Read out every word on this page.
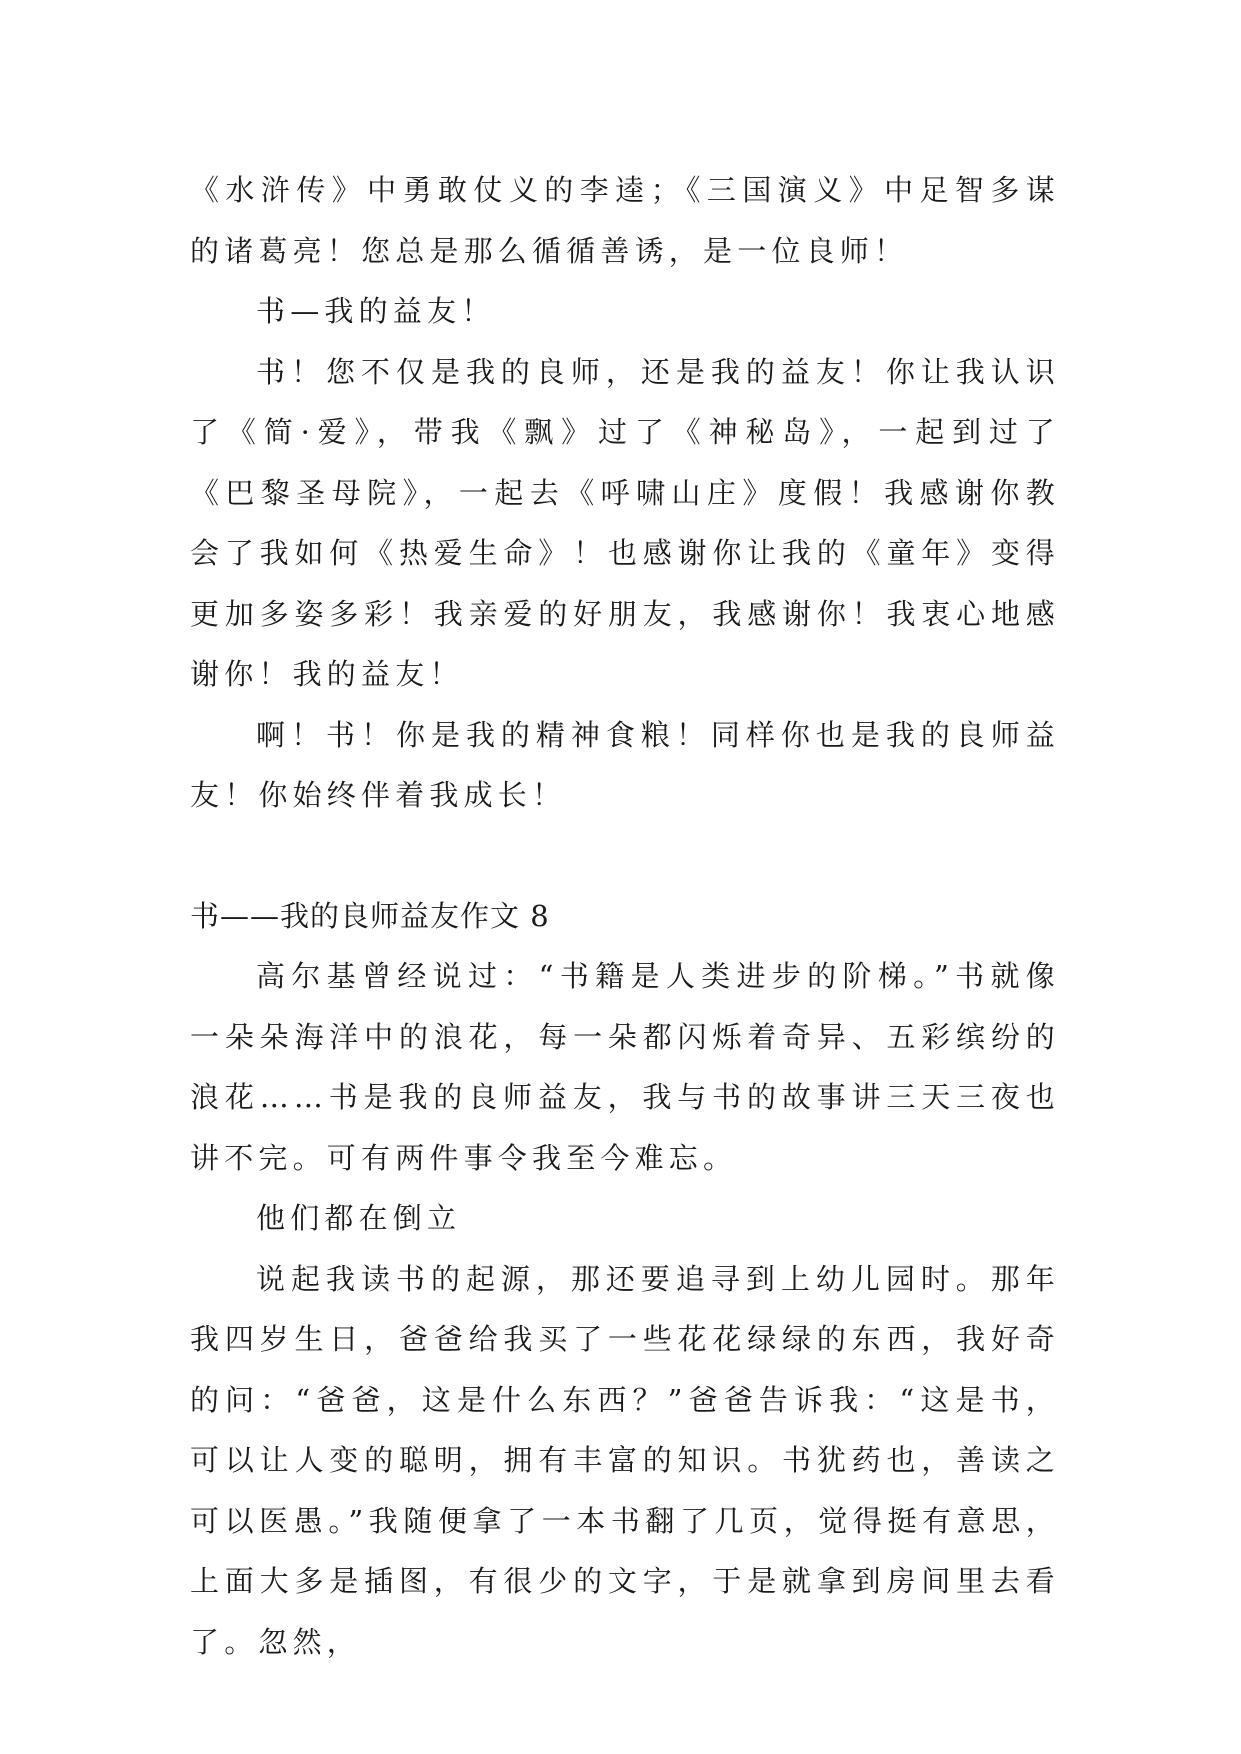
《水浒传》中勇敢仗义的李逵；《三国演义》中足智多谋的诸葛亮！您总是那么循循善诱，是一位良师！

书—我的益友！

书！您不仅是我的良师，还是我的益友！你让我认识了《简·爱》，带我《飘》过了《神秘岛》，一起到过了《巴黎圣母院》，一起去《呼啸山庄》度假！我感谢你教会了我如何《热爱生命》！也感谢你让我的《童年》变得更加多姿多彩！我亲爱的好朋友，我感谢你！我衷心地感谢你！我的益友！

啊！书！你是我的精神食粮！同样你也是我的良师益友！你始终伴着我成长！

书——我的良师益友作文 8

高尔基曾经说过：“书籍是人类进步的阶梯。”书就像一朵朵海洋中的浪花，每一朵都闪烁着奇异、五彩缤纷的浪花……书是我的良师益友，我与书的故事讲三天三夜也讲不完。可有两件事令我至今难忘。

他们都在倒立

说起我读书的起源，那还要追寻到上幼儿园时。那年我四岁生日，爸爸给我买了一些花花绿绿的东西，我好奇的问：“爸爸，这是什么东西？”爸爸告诉我：“这是书，可以让人变的聪明，拥有丰富的知识。书犹药也，善读之可以医愚。”我随便拿了一本书翻了几页，觉得挺有意思，上面大多是插图，有很少的文字，于是就拿到房间里去看了。忽然，
